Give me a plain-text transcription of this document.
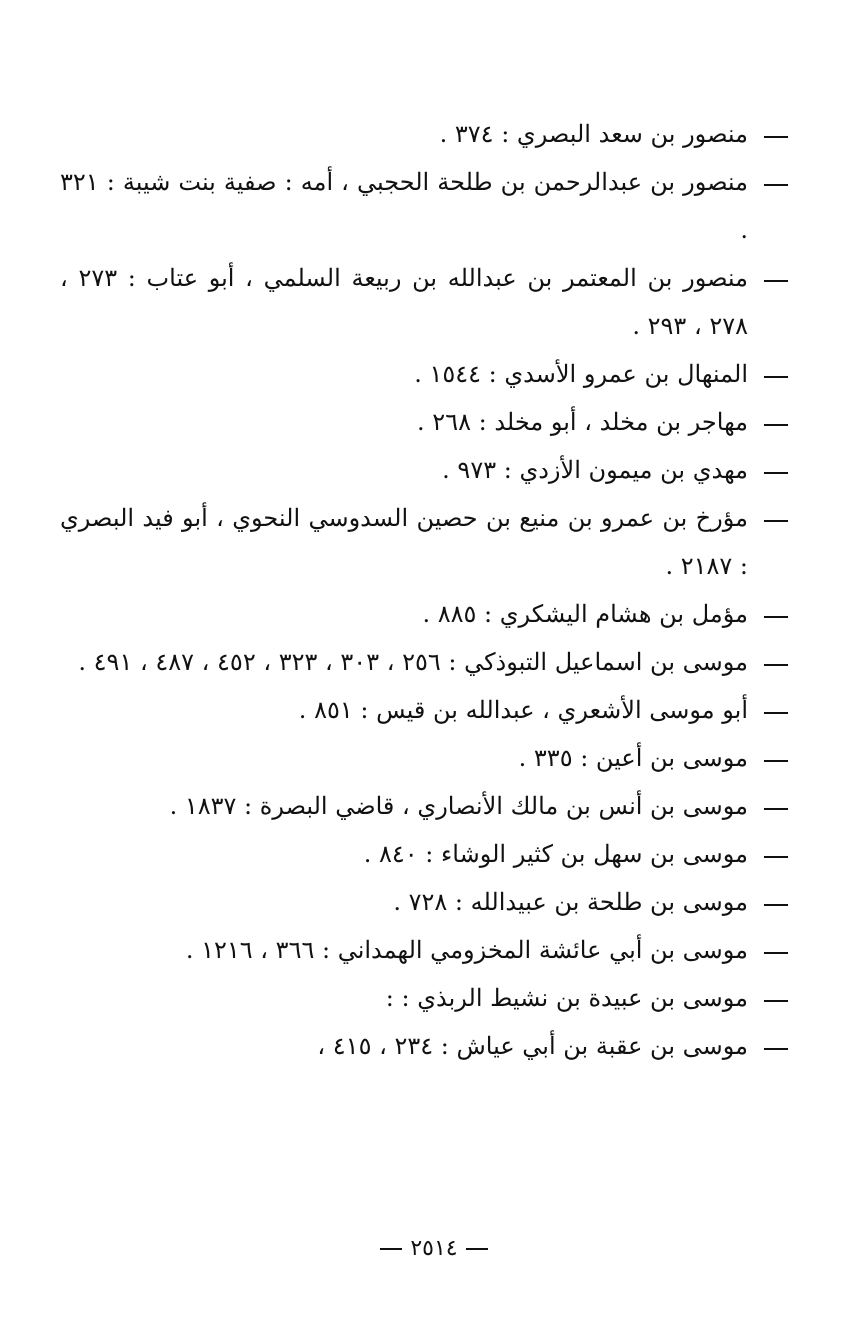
منصور بن سعد البصري : ٣٧٤ .
منصور بن عبدالرحمن بن طلحة الحجبي ، أمه : صفية بنت شيبة : ٣٢١ .
منصور بن المعتمر بن عبدالله بن ربيعة السلمي ، أبو عتاب : ٢٧٣ ، ٢٧٨ ، ٢٩٣ .
المنهال بن عمرو الأسدي : ١٥٤٤ .
مهاجر بن مخلد ، أبو مخلد : ٢٦٨ .
مهدي بن ميمون الأزدي : ٩٧٣ .
مؤرخ بن عمرو بن منيع بن حصين السدوسي النحوي ، أبو فيد البصري : ٢١٨٧ .
مؤمل بن هشام اليشكري : ٨٨٥ .
موسى بن اسماعيل التبوذكي : ٢٥٦ ، ٣٠٣ ، ٣٢٣ ، ٤٥٢ ، ٤٨٧ ، ٤٩١ .
أبو موسى الأشعري ، عبدالله بن قيس : ٨٥١ .
موسى بن أعين : ٣٣٥ .
موسى بن أنس بن مالك الأنصاري ، قاضي البصرة : ١٨٣٧ .
موسى بن سهل بن كثير الوشاء : ٨٤٠ .
موسى بن طلحة بن عبيدالله : ٧٢٨ .
موسى بن أبي عائشة المخزومي الهمداني : ٣٦٦ ، ١٢١٦ .
موسى بن عبيدة بن نشيط الربذي : :
موسى بن عقبة بن أبي عياش : ٢٣٤ ، ٤١٥ ،
٢٥١٤
